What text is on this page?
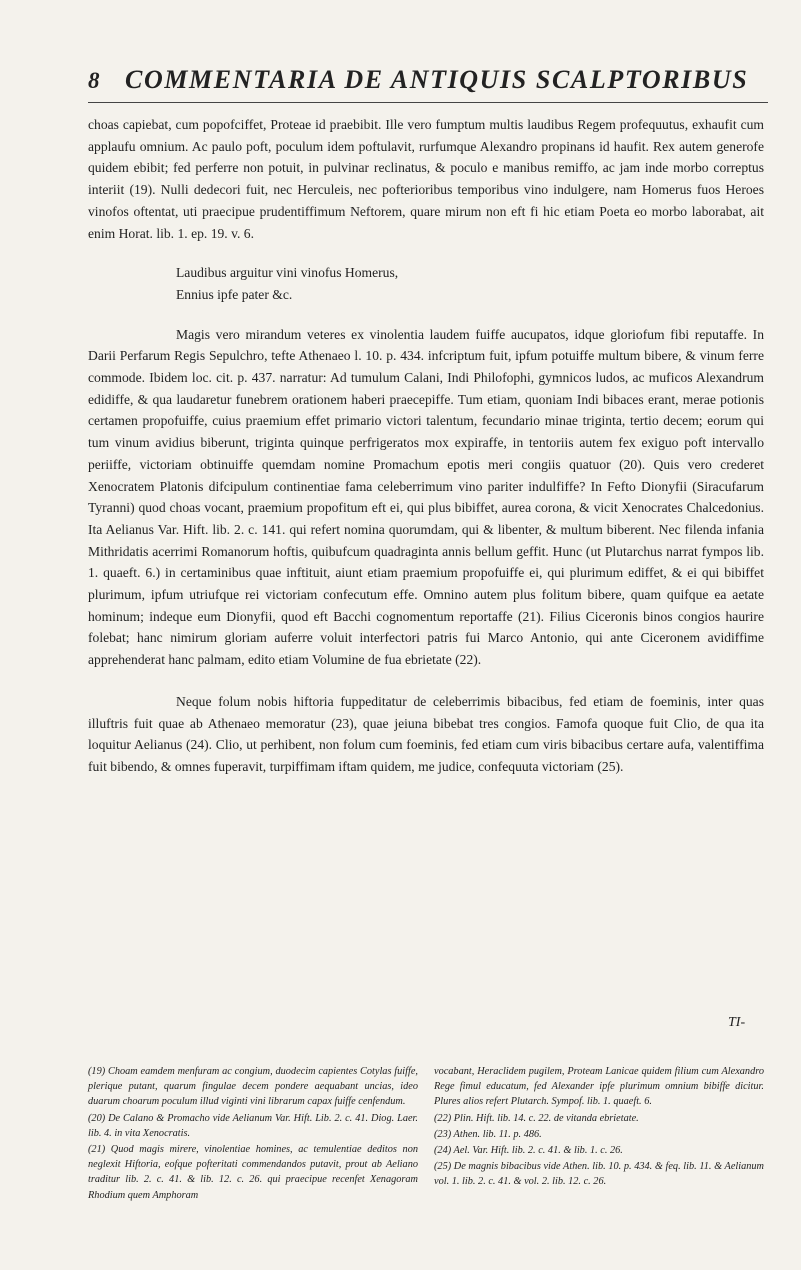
8 COMMENTARIA DE ANTIQUIS SCALPTORIBUS

choas capiebat, cum popofciffet, Proteae id praebibit. Ille vero fumptum multis laudibus Regem profequutus, exhaufit cum applaufu omnium. Ac paulo poft, poculum idem poftulavit, rurfumque Alexandro propinans id haufit. Rex autem generofe quidem ebibit; fed perferre non potuit, in pulvinar reclinatus, & poculo e manibus remiffo, ac jam inde morbo correptus interiit (19). Nulli dedecori fuit, nec Herculeis, nec pofterioribus temporibus vino indulgere, nam Homerus fuos Heroes vinofos oftentat, uti praecipue prudentiffimum Neftorem, quare mirum non eft fi hic etiam Poeta eo morbo laborabat, ait enim Horat. lib. 1. ep. 19. v. 6.

Laudibus arguitur vini vinofus Homerus,

Ennius ipfe pater &c.

Magis vero mirandum veteres ex vinolentia laudem fuiffe aucupatos, idque gloriofum fibi reputaffe. In Darii Perfarum Regis Sepulchro, tefte Athenaeo l. 10. p. 434. infcriptum fuit, ipfum potuiffe multum bibere, & vinum ferre commode. Ibidem loc. cit. p. 437. narratur: Ad tumulum Calani, Indi Philofophi, gymnicos ludos, ac muficos Alexandrum edidiffe, & qua laudaretur funebrem orationem haberi praecepiffe. Tum etiam, quoniam Indi bibaces erant, merae potionis certamen propofuiffe, cuius praemium effet primario victori talentum, fecundario minae triginta, tertio decem; eorum qui tum vinum avidius biberunt, triginta quinque perfrigeratos mox expiraffe, in tentoriis autem fex exiguo poft intervallo periiffe, victoriam obtinuiffe quemdam nomine Promachum epotis meri congiis quatuor (20). Quis vero crederet Xenocratem Platonis difcipulum continentiae fama celeberrimum vino pariter indulfiffe? In Fefto Dionyfii (Siracufarum Tyranni) quod choas vocant, praemium propofitum eft ei, qui plus bibiffet, aurea corona, & vicit Xenocrates Chalcedonius. Ita Aelianus Var. Hift. lib. 2. c. 141. qui refert nomina quorumdam, qui & libenter, & multum biberent. Nec filenda infania Mithridatis acerrimi Romanorum hoftis, quibufcum quadraginta annis bellum geffit. Hunc (ut Plutarchus narrat fympos lib. 1. quaeft. 6.) in certaminibus quae inftituit, aiunt etiam praemium propofuiffe ei, qui plurimum ediffet, & ei qui bibiffet plurimum, ipfum utriufque rei victoriam confecutum effe. Omnino autem plus folitum bibere, quam quifque ea aetate hominum; indeque eum Dionyfii, quod eft Bacchi cognomentum reportaffe (21). Filius Ciceronis binos congios haurire folebat; hanc nimirum gloriam auferre voluit interfectori patris fui Marco Antonio, qui ante Ciceronem avidiffime apprehenderat hanc palmam, edito etiam Volumine de fua ebrietate (22).

Neque folum nobis hiftoria fuppeditatur de celeberrimis bibacibus, fed etiam de foeminis, inter quas illuftris fuit quae ab Athenaeo memoratur (23), quae jeiuna bibebat tres congios. Famofa quoque fuit Clio, de qua ita loquitur Aelianus (24). Clio, ut perhibent, non folum cum foeminis, fed etiam cum viris bibacibus certare aufa, valentiffima fuit bibendo, & omnes fuperavit, turpiffimam iftam quidem, me judice, confequuta victoriam (25).

TI-

(19) Choam eamdem menfuram ac congium, duodecim capientes Cotylas fuiffe, plerique putant, quarum fingulae decem pondere aequabant uncias, ideo duarum choarum poculum illud viginti vini librarum capax fuiffe cenfendum.

(20) De Calano & Promacho vide Aelianum Var. Hift. Lib. 2. c. 41. Diog. Laer. lib. 4. in vita Xenocratis.

(21) Quod magis mirere, vinolentiae homines, ac temulentiae deditos non neglexit Hiftoria, eofque pofteritati commendandos putavit, prout ab Aeliano traditur lib. 2. c. 41. & lib. 12. c. 26. qui praecipue recenfet Xenagoram Rhodium quem Amphoram

vocabant, Heraclidem pugilem, Proteam Lanicae quidem filium cum Alexandro Rege fimul educatum, fed Alexander ipfe plurimum omnium bibiffe dicitur. Plures alios refert Plutarch. Sympof. lib. 1. quaeft. 6.

(22) Plin. Hift. lib. 14. c. 22. de vitanda ebrietate.

(23) Athen. lib. 11. p. 486.

(24) Ael. Var. Hift. lib. 2. c. 41. & lib. 1. c. 26.

(25) De magnis bibacibus vide Athen. lib. 10. p. 434. & feq. lib. 11. & Aelianum vol. 1. lib. 2. c. 41. & vol. 2. lib. 12. c. 26.
